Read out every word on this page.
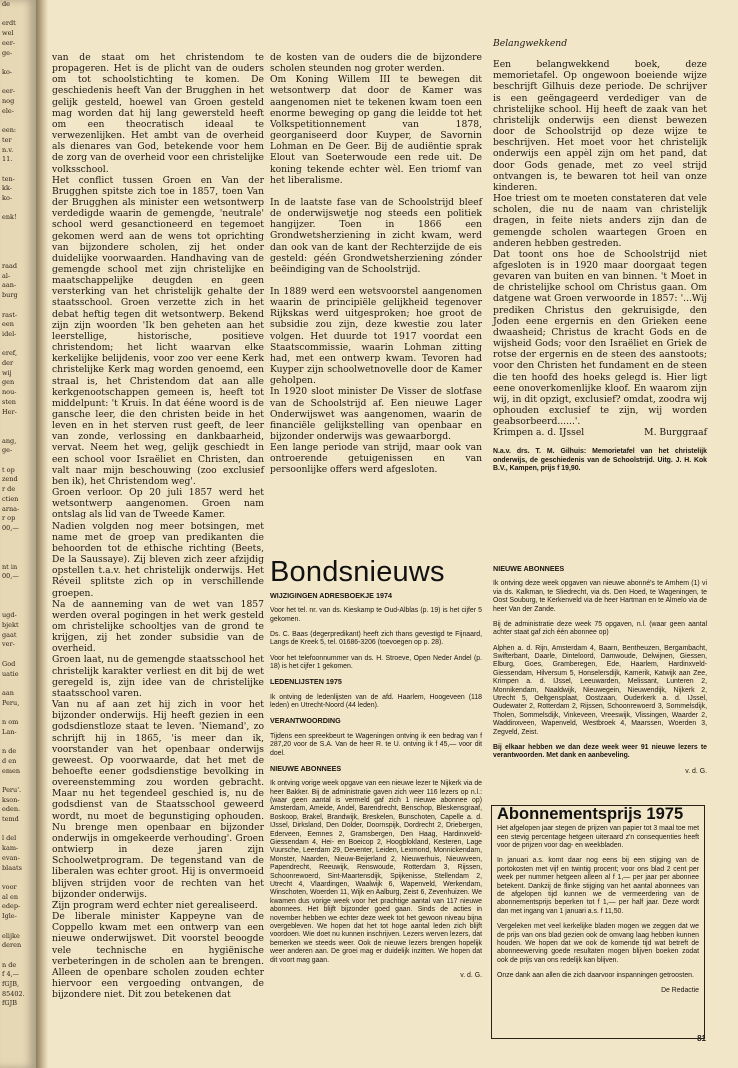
de

erdt
wel
eer-
ge-

ko-

eer-
nog
ele-

een:
ter
n.v.
11.

ten-
kk-
ko-

enk!

raad
al-
aan-
burg

rast-
een
idel-

eref,
der
wij
gen
nou-
sten
Her-

ang,
ge-

t op
zend
r de
ctien
arna-
r op
00,—

nt in
00,—

ugd-
bjekt
gaat
ver-

God
uatie

aan
Peru,

n om
Lan-

n de
d en
emen

Peru'.
kson-
eden.
temd

l del
kam-
evan-
blaats

voor
al en
edep-
Igle-

elijke
deren

n de
f 4,—
fGJB,
85402.
fGJB

van de staat om het christendom te propageren. Het is de plicht van de ouders om tot schoolstichting te komen. De geschiedenis heeft Van der Brugghen in het gelijk gesteld, hoewel van Groen gesteld mag worden dat hij lang gewersteld heeft om een theocratisch ideaal te verwezenlijken. Het ambt van de overheid als dienares van God, betekende voor hem de zorg van de overheid voor een christelijke volksschool.

Het conflict tussen Groen en Van der Brugghen spitste zich toe in 1857, toen Van der Brugghen als minister een wetsontwerp verdedigde waarin de gemengde, 'neutrale' school werd gesanctioneerd en tegemoet gekomen werd aan de wens tot oprichting van bijzondere scholen, zij het onder duidelijke voorwaarden. Handhaving van de gemengde school met zijn christelijke en maatschappelijke deugden en geen versterking van het christelijk gehalte der staatsschool. Groen verzette zich in het debat heftig tegen dit wetsontwerp. Bekend zijn zijn woorden 'Ik ben geheten aan het leerstellige, historische, positieve christendom; het licht waarvan elke kerkelijke belijdenis, voor zoo ver eene Kerk christelijke Kerk mag worden genoemd, een straal is, het Christendom dat aan alle kerkgenootschappen gemeen is, heeft tot middelpunt: 't Kruis. In dat ééne woord is de gansche leer, die den christen beide in het leven en in het sterven rust geeft, de leer van zonde, verlossing en dankbaarheid, vervat. Neem het weg, gelijk geschiedt in een school voor Israëliet en Christen, dan valt naar mijn beschouwing (zoo exclusief ben ik), het Christendom weg'.

Groen verloor. Op 20 juli 1857 werd het wetsontwerp aangenomen. Groen nam ontslag als lid van de Tweede Kamer.

Nadien volgden nog meer botsingen, met name met de groep van predikanten die behoorden tot de ethische richting (Beets, De la Saussaye). Zij bleven zich zeer afzijdig opstellen t.a.v. het christelijk onderwijs. Het Réveil splitste zich op in verschillende groepen.

Na de aanneming van de wet van 1857 werden overal pogingen in het werk gesteld om christelijke schooltjes van de grond te krijgen, zij het zonder subsidie van de overheid.

Groen laat, nu de gemengde staatsschool het christelijk karakter verliest en dit bij de wet geregeld is, zijn idee van de christelijke staatsschool varen.

Van nu af aan zet hij zich in voor het bijzonder onderwijs. Hij heeft gezien in een godsdienstloze staat te leven. 'Niemand', zo schrijft hij in 1865, 'is meer dan ik, voorstander van het openbaar onderwijs geweest. Op voorwaarde, dat het met de behoefte eener godsdienstige bevolking in overeenstemming zou worden gebracht. Maar nu het tegendeel geschied is, nu de godsdienst van de Staatsschool geweerd wordt, nu moet de begunstiging ophouden. Nu brenge men openbaar en bijzonder onderwijs in omgekeerde verhouding'. Groen ontwierp in deze jaren zijn Schoolwetprogram. De tegenstand van de liberalen was echter groot. Hij is onvermoeid blijven strijden voor de rechten van het bijzonder onderwijs.

Zijn program werd echter niet gerealiseerd.

De liberale minister Kappeyne van de Coppello kwam met een ontwerp van een nieuwe onderwijswet. Dit voorstel beoogde vele technische en hygiënische verbeteringen in de scholen aan te brengen. Alleen de openbare scholen zouden echter hiervoor een vergoeding ontvangen, de bijzondere niet. Dit zou betekenen dat

de kosten van de ouders die de bijzondere scholen steunden nog groter werden.

Om Koning Willem III te bewegen dit wetsontwerp dat door de Kamer was aangenomen niet te tekenen kwam toen een enorme beweging op gang die leidde tot het Volkspetitionnement van 1878, georganiseerd door Kuyper, de Savornin Lohman en De Geer. Bij de audiëntie sprak Elout van Soeterwoude een rede uit. De koning tekende echter wèl. Een triomf van het liberalisme.

In de laatste fase van de Schoolstrijd bleef de onderwijswetje nog steeds een politiek hangijzer. Toen in 1866 een Grondwetsherziening in zicht kwam, werd dan ook van de kant der Rechterzijde de eis gesteld: géén Grondwetsherziening zónder beëindiging van de Schoolstrijd.

In 1889 werd een wetsvoorstel aangenomen waarin de principiële gelijkheid tegenover Rijkskas werd uitgesproken; hoe groot de subsidie zou zijn, deze kwestie zou later volgen. Het duurde tot 1917 voordat een Staatscommissie, waarin Lohman zitting had, met een ontwerp kwam. Tevoren had Kuyper zijn schoolwetnovelle door de Kamer geholpen.

In 1920 sloot minister De Visser de slotfase van de Schoolstrijd af. Een nieuwe Lager Onderwijswet was aangenomen, waarin de financiële gelijkstelling van openbaar en bijzonder onderwijs was gewaarborgd.

Een lange periode van strijd, maar ook van ontroerende getuigenissen en van persoonlijke offers werd afgesloten.

Belangwekkend

Een belangwekkend boek, deze memorietafel. Op ongewoon boeiende wijze beschrijft Gilhuis deze periode. De schrijver is een geëngageerd verdediger van de christelijke school. Hij heeft de zaak van het christelijk onderwijs een dienst bewezen door de Schoolstrijd op deze wijze te beschrijven. Het moet voor het christelijk onderwijs een appèl zijn om het pand, dat door Gods genade, met zo veel strijd ontvangen is, te bewaren tot heil van onze kinderen.

Hoe triest om te moeten constateren dat vele scholen, die nu de naam van christelijk dragen, in feite niets anders zijn dan de gemengde scholen waartegen Groen en anderen hebben gestreden.

Dat toont ons hoe de Schoolstrijd niet afgesloten is in 1920 maar doorgaat tegen gevaren van buiten en van binnen. 't Moet in de christelijke school om Christus gaan. Om datgene wat Groen verwoorde in 1857: '...Wij prediken Christus den gekruisigde, den Joden eene ergernis en den Grieken eene dwaasheid; Christus de kracht Gods en de wijsheid Gods; voor den Israëliet en Griek de rotse der ergernis en de steen des aanstoots; voor den Christen het fundament en de steen die ten hoofd des hoeks gelegd is. Hier ligt eene onoverkomenlijke kloof. En waarom zijn wij, in dit opzigt, exclusief? omdat, zoodra wij ophouden exclusief te zijn, wij worden geabsorbeerd......'.

Krimpen a. d. IJssel	M. Burggraaf

N.a.v. drs. T. M. Gilhuis: Memorietafel van het christelijk onderwijs, de geschiedenis van de Schoolstrijd. Uitg. J. H. Kok B.V., Kampen, prijs f 19,90.

NIEUWE ABONNEES

Ik ontving deze week opgaven van nieuwe abonné's te Arnhem (1) vi via ds. Kalkman, te Sliedrecht, via ds. Den Hoed, te Wageningen, te Oost Souburg, te Kerkenveld via de heer Hartman en te Almelo via de heer Van der Zande.

Bij de administratie deze week 75 opgaven, n.l. (waar geen aantal achter staat gaf zich één abonnee op)

Alphen a. d. Rijn, Amsterdam 4, Baarn, Bentheuzen, Bergambacht, Swifterbant, Daarle, Dinteloord, Damwoude, Delwijnen, Giessen, Elburg, Goes, Gramberegen, Ede, Haarlem, Hardinxveld-Giessendam, Hilversum 5, Honselersdijk, Kamerik, Katwijk aan Zee, Krimpen a. d. IJssel, Leeuwarden, Melissant, Lunteren 2, Monnikendam, Naaldwijk, Nieuwegein, Nieuwendijk, Nijkerk 2, Utrecht 5, Oeltgensplaat, Oostzaan, Ouderkerk a. d. IJssel, Oudewater 2, Rotterdam 2, Rijssen, Schoonrewoerd 3, Sommelsdijk, Tholen, Sommelsdijk, Vinkeveen, Vreeswijk, Vlissingen, Waarder 2, Waddinxveen, Wapenveld, Westbroek 4, Maarssen, Woerden 3, Zegveld, Zeist.

Bij elkaar hebben we dan deze week weer 91 nieuwe lezers te verantwoorden. Met dank en aanbeveling.

v. d. G.

Bondsnieuws
WIJZIGINGEN ADRESBOEKJE 1974

Voor het tel. nr. van ds. Kieskamp te Oud-Alblas (p. 19) is het cijfer 5 gekomen.

Ds. C. Baas (degerpredikant) heeft zich thans gevestigd te Fijnaard, Langs de Kreek 5, tel. 01686-3206 (toevoegen op p. 28).

Voor het telefoonnummer van ds. H. Stroeve, Open Neder Andel (p. 18) is het cijfer 1 gekomen.

LEDENLIJSTEN 1975

Ik ontving de ledenlijsten van de afd. Haarlem, Hoogeveen (118 leden) en Utrecht-Noord (44 leden).

VERANTWOORDING

Tijdens een spreekbeurt te Wageningen ontving ik een bedrag van f 287,20 voor de S.A. Van de heer R. te U. ontving ik f 45,— voor dit doel.

NIEUWE ABONNEES

Ik ontving vorige week opgave van een nieuwe lezer te Nijkerk via de heer Bakker. Bij de administratie gaven zich weer 116 lezers op n.l.: (waar geen aantal is vermeld gaf zich 1 nieuwe abonnee op) Amsterdam, Ameide, Andel, Barendrecht, Benschop, Bleskensgraaf, Boskoop, Brakel, Brandwijk, Breskelen, Bunschoten, Capelle a. d. IJssel, Dirksland, Den Dolder, Doornspijk, Dordrecht 2, Driebergen, Ederveen, Eemnes 2, Gramsbergen, Den Haag, Hardinxveld-Giessendam 4, Hei- en Boeicop 2, Hoogblokland, Kesteren, Lage Vuursche, Leerdam 29, Deventer, Leiden, Lexmond, Monnickendam, Monster, Naarden, Nieuw-Beijerland 2, Nieuwerhuis, Nieuwveen, Papendrecht, Reeuwijk, Renswoude, Rotterdam 3, Rijssen, Schoonrewoerd, Sint-Maartensdijk, Spijkenisse, Stellendam 2, Utrecht 4, Vlaardingen, Waalwijk 6, Wapenveld, Werkendam, Winschoten, Woerden 11, Wijk en Aalburg, Zeist 6, Zevenhuizen. We kwamen dus vorige week voor het prachtige aantal van 117 nieuwe abonnees. Het blijft bijzonder goed gaan. Sinds de acties in november hebben we echter deze week tot het gewoon niveau bijna overgebleven. We hopen dat het tot hoge aantal leden zich blijft voordoen. Wie doet nu kunnen inschrijven. Lezers werven lezers, dat bemerken we steeds weer. Ook de nieuwe lezers brengen hopelijk weer anderen aan. De groei mag er duidelijk inzitten. We hopen dat dit voort mag gaan.

v. d. G.

Abonnementsprijs 1975

Het afgelopen jaar stegen de prijzen van papier tot 3 maal toe met een stevig percentage hetgeen uiteraard z'n consequenties heeft voor de prijzen voor dag- en weekbladen.

In januari a.s. komt daar nog eens bij een stijging van de portokosten met vijf en twintig procent; voor ons blad 2 cent per week per nummer hetgeen alleen al f 1,— per jaar per abonnee betekent. Dankzij de flinke stijging van het aantal abonnees van de afgelopen tijd kunnen we de vermeerdering van de abonnementsprijs beperken tot f 1,— per half jaar. Deze wordt dan met ingang van 1 januari a.s. f 11,50.

Vergeleken met veel kerkelijke bladen mogen we zeggen dat we de prijs van ons blad gezien ook de omvang laag hebben kunnen houden. We hopen dat we ook de komende tijd wat betreft de abonneewerving goede resultaten mogen blijven boeken zodat ook de prijs van ons redelijk kan blijven.

Onze dank aan allen die zich daarvoor inspanningen getroosten.

De Redactie

81
